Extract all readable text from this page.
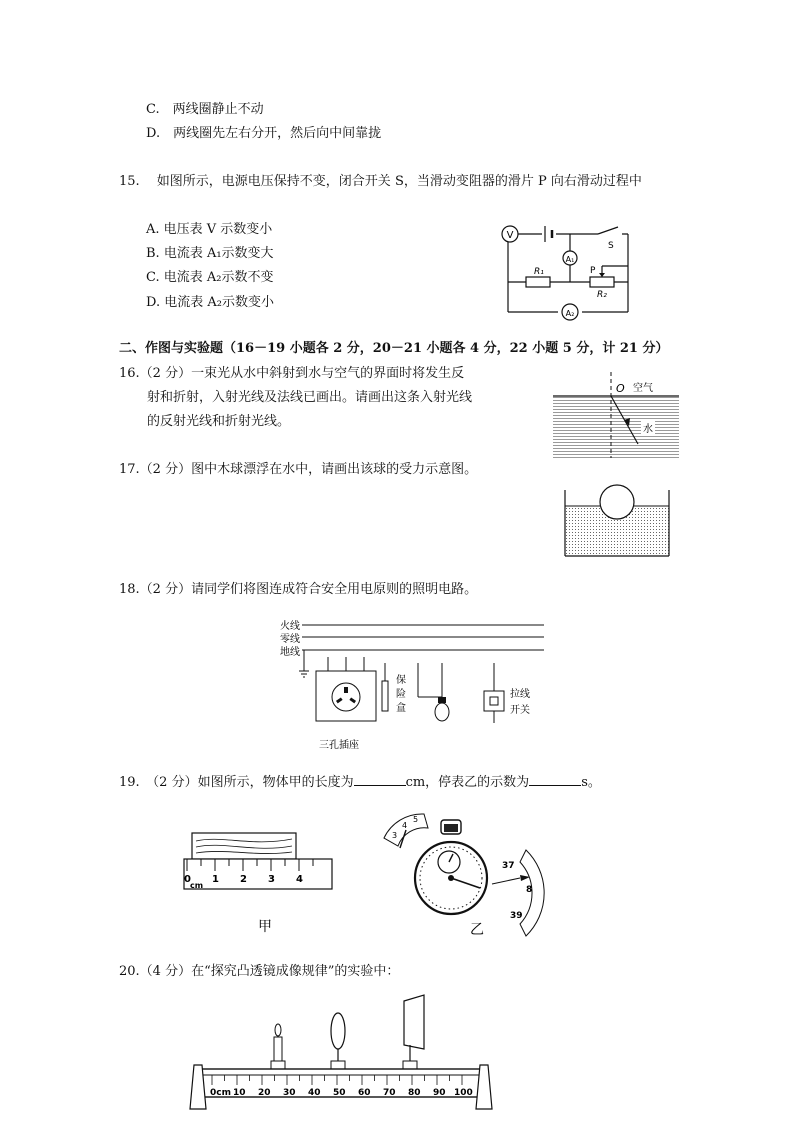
C.　两线圈静止不动
D.　两线圈先左右分开，然后向中间靠拢
15.　 如图所示，电源电压保持不变，闭合开关 S，当滑动变阻器的滑片 P 向右滑动过程中
A. 电压表 V 示数变小
B. 电流表 A₁示数变大
C. 电流表 A₂示数不变
D. 电流表 A₂示数变小
V
S
A₁
R₁
R₂
P
A₂
二、作图与实验题（16－19 小题各 2 分，20－21 小题各 4 分，22 小题 5 分，计 21 分）
16.（2 分）一束光从水中斜射到水与空气的界面时将发生反
射和折射，入射光线及法线已画出。请画出这条入射光线
的反射光线和折射光线。
O 空气
水
17.（2 分）图中木球漂浮在水中，请画出该球的受力示意图。
18.（2 分）请同学们将图连成符合安全用电原则的照明电路。
火线
零线
地线
三孔插座
保
险
盒
拉线
开关
19.　（2 分）如图所示，物体甲的长度为	cm，停表乙的示数为	s。
0 1 2 3 4
cm
甲
3
4
5
37
8
39
乙
20.（4 分）在“探究凸透镜成像规律”的实验中：
0cm 10 20 30 40 50 60 70 80 90 100
